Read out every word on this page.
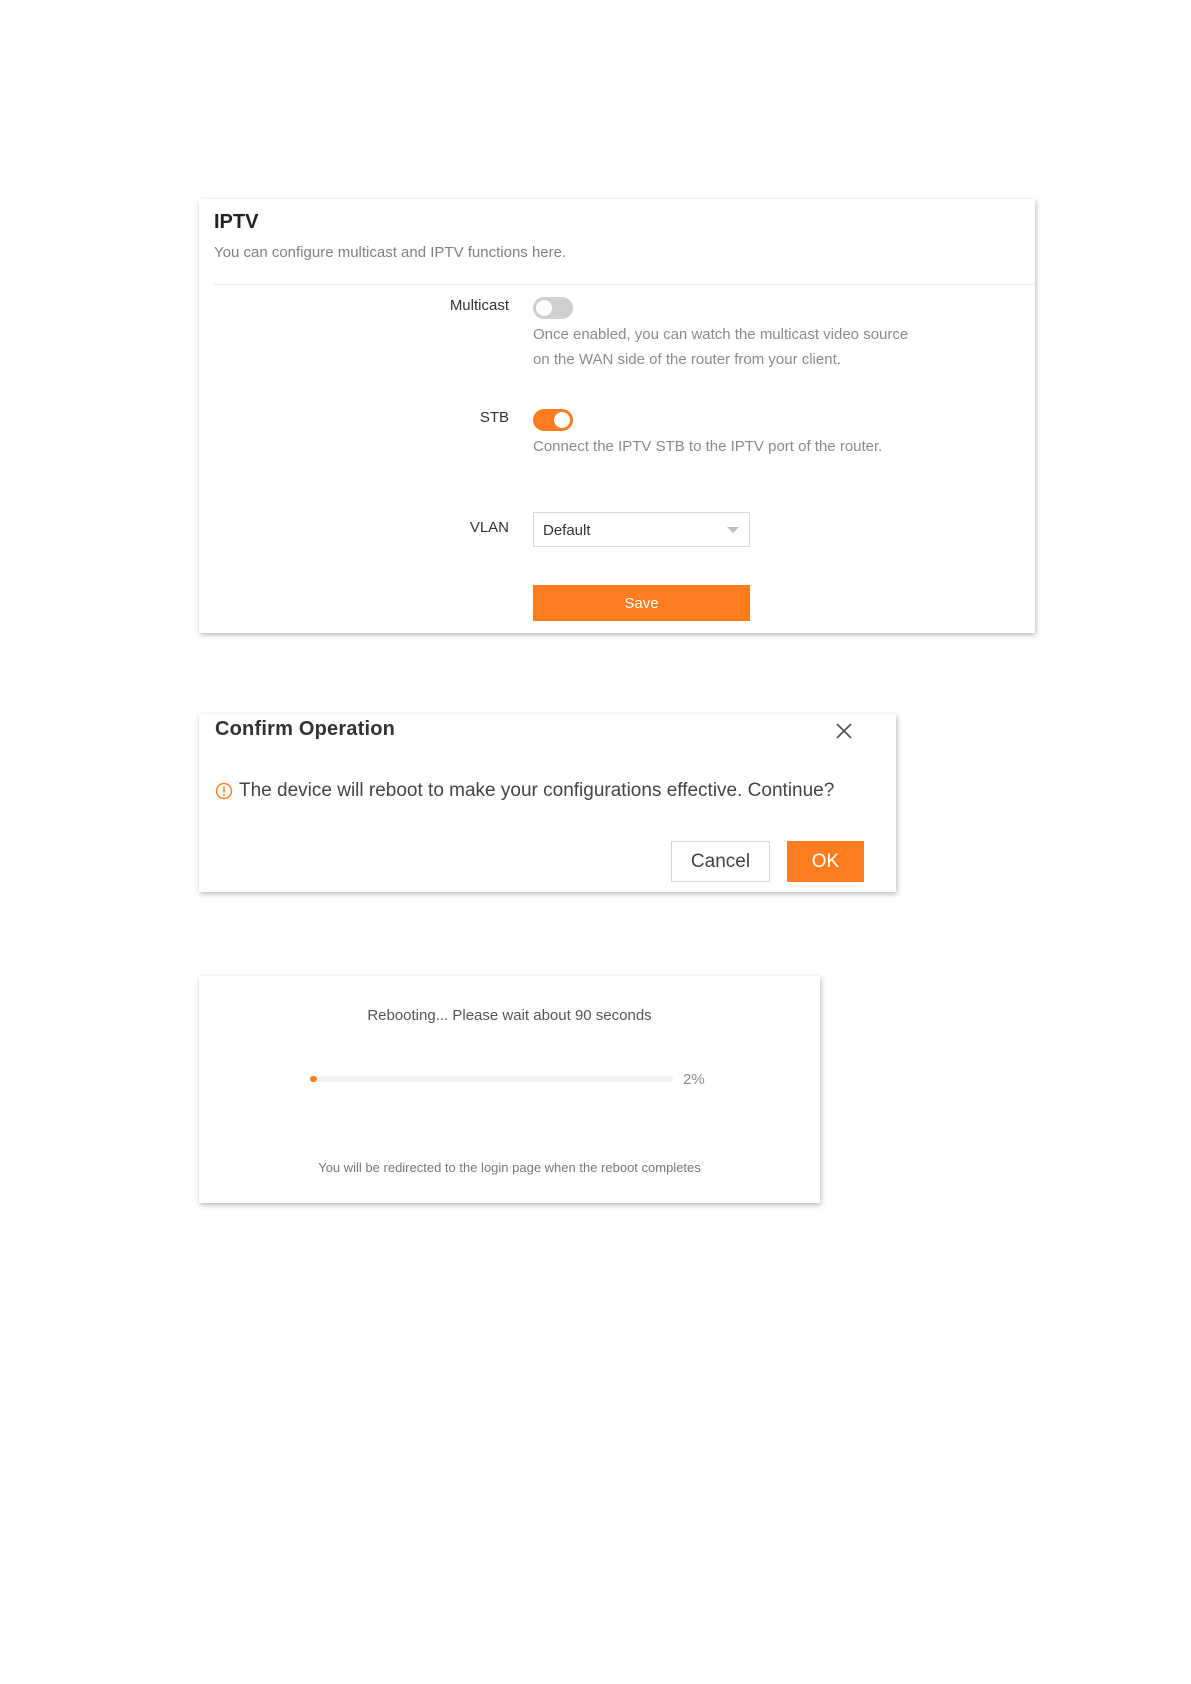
IPTV
You can configure multicast and IPTV functions here.
Multicast
Once enabled, you can watch the multicast video source
on the WAN side of the router from your client.
STB
Connect the IPTV STB to the IPTV port of the router.
VLAN Default
Save
Confirm Operation
The device will reboot to make your configurations effective. Continue?
Cancel	OK
Rebooting... Please wait about 90 seconds
2%
You will be redirected to the login page when the reboot completes
